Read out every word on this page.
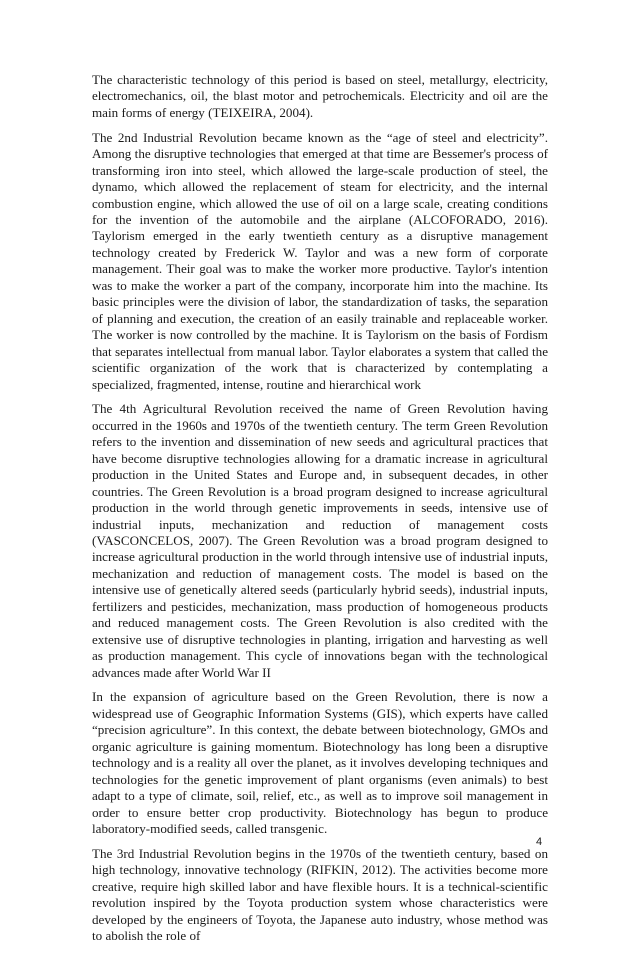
The characteristic technology of this period is based on steel, metallurgy, electricity, electromechanics, oil, the blast motor and petrochemicals. Electricity and oil are the main forms of energy (TEIXEIRA, 2004).

The 2nd Industrial Revolution became known as the “age of steel and electricity”. Among the disruptive technologies that emerged at that time are Bessemer's process of transforming iron into steel, which allowed the large-scale production of steel, the dynamo, which allowed the replacement of steam for electricity, and the internal combustion engine, which allowed the use of oil on a large scale, creating conditions for the invention of the automobile and the airplane (ALCOFORADO, 2016). Taylorism emerged in the early twentieth century as a disruptive management technology created by Frederick W. Taylor and was a new form of corporate management. Their goal was to make the worker more productive. Taylor's intention was to make the worker a part of the company, incorporate him into the machine. Its basic principles were the division of labor, the standardization of tasks, the separation of planning and execution, the creation of an easily trainable and replaceable worker. The worker is now controlled by the machine. It is Taylorism on the basis of Fordism that separates intellectual from manual labor. Taylor elaborates a system that called the scientific organization of the work that is characterized by contemplating a specialized, fragmented, intense, routine and hierarchical work

The 4th Agricultural Revolution received the name of Green Revolution having occurred in the 1960s and 1970s of the twentieth century. The term Green Revolution refers to the invention and dissemination of new seeds and agricultural practices that have become disruptive technologies allowing for a dramatic increase in agricultural production in the United States and Europe and, in subsequent decades, in other countries. The Green Revolution is a broad program designed to increase agricultural production in the world through genetic improvements in seeds, intensive use of industrial inputs, mechanization and reduction of management costs (VASCONCELOS, 2007). The Green Revolution was a broad program designed to increase agricultural production in the world through intensive use of industrial inputs, mechanization and reduction of management costs. The model is based on the intensive use of genetically altered seeds (particularly hybrid seeds), industrial inputs, fertilizers and pesticides, mechanization, mass production of homogeneous products and reduced management costs. The Green Revolution is also credited with the extensive use of disruptive technologies in planting, irrigation and harvesting as well as production management. This cycle of innovations began with the technological advances made after World War II

In the expansion of agriculture based on the Green Revolution, there is now a widespread use of Geographic Information Systems (GIS), which experts have called “precision agriculture”. In this context, the debate between biotechnology, GMOs and organic agriculture is gaining momentum. Biotechnology has long been a disruptive technology and is a reality all over the planet, as it involves developing techniques and technologies for the genetic improvement of plant organisms (even animals) to best adapt to a type of climate, soil, relief, etc., as well as to improve soil management in order to ensure better crop productivity. Biotechnology has begun to produce laboratory-modified seeds, called transgenic.

The 3rd Industrial Revolution begins in the 1970s of the twentieth century, based on high technology, innovative technology (RIFKIN, 2012). The activities become more creative, require high skilled labor and have flexible hours. It is a technical-scientific revolution inspired by the Toyota production system whose characteristics were developed by the engineers of Toyota, the Japanese auto industry, whose method was to abolish the role of

4
